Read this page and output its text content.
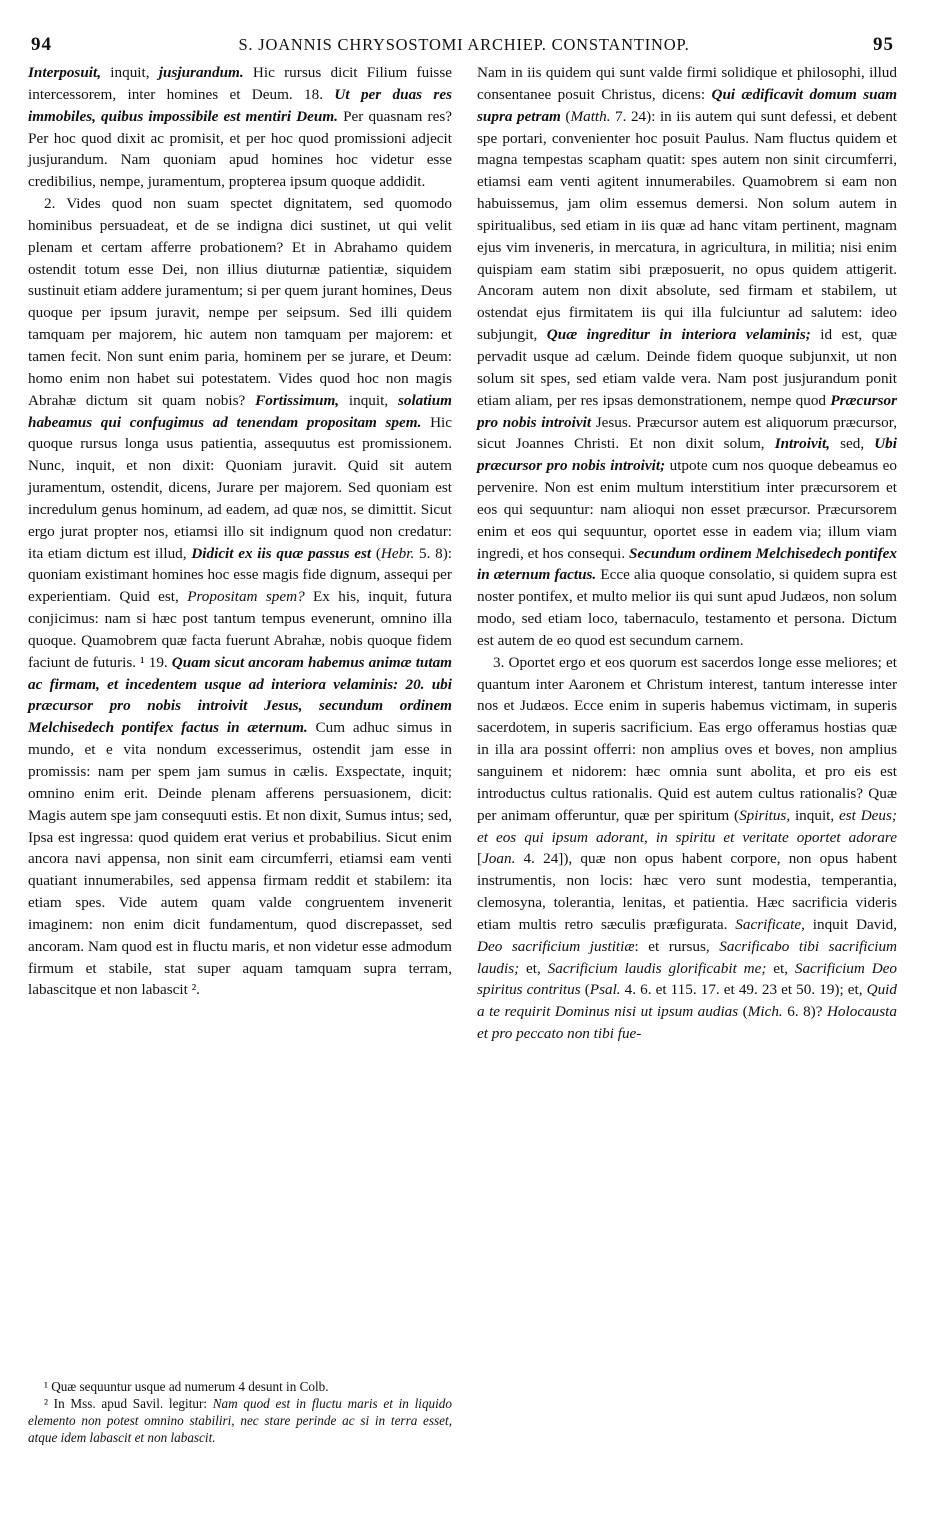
94	S. JOANNIS CHRYSOSTOMI ARCHIEP. CONSTANTINOP.	95

Interposuit, inquit, jusjurandum. Hic rursus dicit Filium fuisse intercessorem, inter homines et Deum. 18. Ut per duas res immobiles, quibus impossibile est mentiri Deum. Per quasnam res? Per hoc quod dixit ac promisit, et per hoc quod promissioni adjecit jusjurandum. Nam quoniam apud homines hoc videtur esse credibilius, nempe, juramentum, propterea ipsum quoque addidit.

2. Vides quod non suam spectet dignitatem, sed quomodo hominibus persuadeat, et de se indigna dici sustinet, ut qui velit plenam et certam afferre probationem? Et in Abrahamo quidem ostendit totum esse Dei, non illius diuturnæ patientiæ, siquidem sustinuit etiam addere juramentum; si per quem jurant homines, Deus quoque per ipsum juravit, nempe per seipsum. Sed illi quidem tamquam per majorem, hic autem non tamquam per majorem: et tamen fecit. Non sunt enim paria, hominem per se jurare, et Deum: homo enim non habet sui potestatem. Vides quod hoc non magis Abrahæ dictum sit quam nobis? Fortissimum, inquit, solatium habeamus qui confugimus ad tenendam propositam spem. Hic quoque rursus longa usus patientia, assequutus est promissionem. Nunc, inquit, et non dixit: Quoniam juravit. Quid sit autem juramentum, ostendit, dicens, Jurare per majorem. Sed quoniam est incredulum genus hominum, ad eadem, ad quæ nos, se dimittit. Sicut ergo jurat propter nos, etiamsi illo sit indignum quod non credatur: ita etiam dictum est illud, Didicit ex iis quæ passus est (Hebr. 5. 8): quoniam existimant homines hoc esse magis fide dignum, assequi per experientiam. Quid est, Propositam spem? Ex his, inquit, futura conjicimus: nam si hæc post tantum tempus evenerunt, omnino illa quoque. Quamobrem quæ facta fuerunt Abrahæ, nobis quoque fidem faciunt de futuris. ¹ 19. Quam sicut ancoram habemus animæ tutam ac firmam, et incedentem usque ad interiora velaminis: 20. ubi præcursor pro nobis introivit Jesus, secundum ordinem Melchisedech pontifex factus in æternum. Cum adhuc simus in mundo, et e vita nondum excesserimus, ostendit jam esse in promissis: nam per spem jam sumus in cælis. Exspectate, inquit; omnino enim erit. Deinde plenam afferens persuasionem, dicit: Magis autem spe jam consequuti estis. Et non dixit, Sumus intus; sed, Ipsa est ingressa: quod quidem erat verius et probabilius. Sicut enim ancora navi appensa, non sinit eam circumferri, etiamsi eam venti quatiant innumerabiles, sed appensa firmam reddit et stabilem: ita etiam spes. Vide autem quam valde congruentem invenerit imaginem: non enim dicit fundamentum, quod discrepasset, sed ancoram. Nam quod est in fluctu maris, et non videtur esse admodum firmum et stabile, stat super aquam tamquam supra terram, labascitque et non labascit ².

¹ Quæ sequuntur usque ad numerum 4 desunt in Colb.

² In Mss. apud Savil. legitur: Nam quod est in fluctu maris et in liquido elemento non potest omnino stabiliri, nec stare perinde ac si in terra esset, atque idem labascit et non labascit.

Nam in iis quidem qui sunt valde firmi solidique et philosophi, illud consentanee posuit Christus, dicens: Qui ædificavit domum suam supra petram (Matth. 7. 24): in iis autem qui sunt defessi, et debent spe portari, convenienter hoc posuit Paulus. Nam fluctus quidem et magna tempestas scapham quatit: spes autem non sinit circumferri, etiamsi eam venti agitent innumerabiles. Quamobrem si eam non habuissemus, jam olim essemus demersi. Non solum autem in spiritualibus, sed etiam in iis quæ ad hanc vitam pertinent, magnam ejus vim inveneris, in mercatura, in agricultura, in militia; nisi enim quispiam eam statim sibi præposuerit, no opus quidem attigerit. Ancoram autem non dixit absolute, sed firmam et stabilem, ut ostendat ejus firmitatem iis qui illa fulciuntur ad salutem: ideo subjungit, Quæ ingreditur in interiora velaminis; id est, quæ pervadit usque ad cælum. Deinde fidem quoque subjunxit, ut non solum sit spes, sed etiam valde vera. Nam post jusjurandum ponit etiam aliam, per res ipsas demonstrationem, nempe quod Præcursor pro nobis introivit Jesus. Præcursor autem est aliquorum præcursor, sicut Joannes Christi. Et non dixit solum, Introivit, sed, Ubi præcursor pro nobis introivit; utpote cum nos quoque debeamus eo pervenire. Non est enim multum interstitium inter præcursorem et eos qui sequuntur: nam alioqui non esset præcursor. Præcursorem enim et eos qui sequuntur, oportet esse in eadem via; illum viam ingredi, et hos consequi. Secundum ordinem Melchisedech pontifex in æternum factus. Ecce alia quoque consolatio, si quidem supra est noster pontifex, et multo melior iis qui sunt apud Judæos, non solum modo, sed etiam loco, tabernaculo, testamento et persona. Dictum est autem de eo quod est secundum carnem.

3. Oportet ergo et eos quorum est sacerdos longe esse meliores; et quantum inter Aaronem et Christum interest, tantum interesse inter nos et Judæos. Ecce enim in superis habemus victimam, in superis sacerdotem, in superis sacrificium. Eas ergo offeramus hostias quæ in illa ara possint offerri: non amplius oves et boves, non amplius sanguinem et nidorem: hæc omnia sunt abolita, et pro eis est introductus cultus rationalis. Quid est autem cultus rationalis? Quæ per animam offeruntur, quæ per spiritum (Spiritus, inquit, est Deus; et eos qui ipsum adorant, in spiritu et veritate oportet adorare [Joan. 4. 24]), quæ non opus habent corpore, non opus habent instrumentis, non locis: hæc vero sunt modestia, temperantia, clemosyna, tolerantia, lenitas, et patientia. Hæc sacrificia videris etiam multis retro sæculis præfigurata. Sacrificate, inquit David, Deo sacrificium justitiæ: et rursus, Sacrificabo tibi sacrificium laudis; et, Sacrificium laudis glorificabit me; et, Sacrificium Deo spiritus contritus (Psal. 4. 6. et 115. 17. et 49. 23 et 50. 19); et, Quid a te requirit Dominus nisi ut ipsum audias (Mich. 6. 8)? Holocausta et pro peccato non tibi fue-
